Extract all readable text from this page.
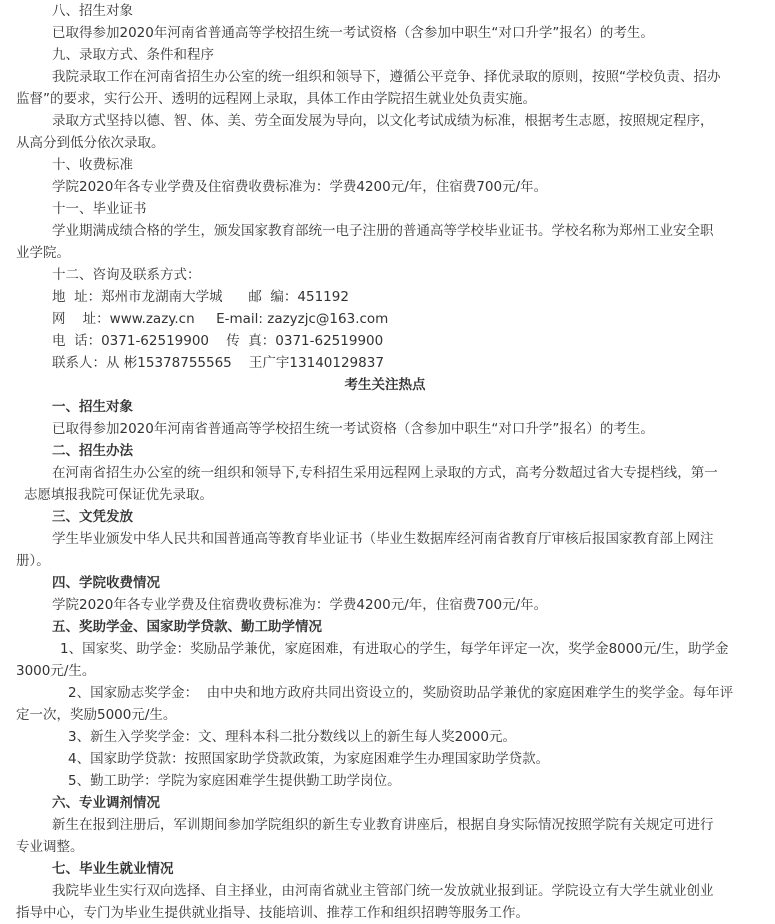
八、招生对象
已取得参加2020年河南省普通高等学校招生统一考试资格（含参加中职生“对口升学”报名）的考生。
九、录取方式、条件和程序
我院录取工作在河南省招生办公室的统一组织和领导下，遵循公平竞争、择优录取的原则，按照“学校负责、招办
监督”的要求，实行公开、透明的远程网上录取，具体工作由学院招生就业处负责实施。
录取方式坚持以德、智、体、美、劳全面发展为导向，以文化考试成绩为标准，根据考生志愿，按照规定程序，
从高分到低分依次录取。
十、收费标准
学院2020年各专业学费及住宿费收费标准为：学费4200元/年，住宿费700元/年。
十一、毕业证书
学业期满成绩合格的学生，颁发国家教育部统一电子注册的普通高等学校毕业证书。学校名称为郑州工业安全职
业学院。
十二、咨询及联系方式：
地  址：郑州市龙湖南大学城      邮  编：451192
网    址：www.zazy.cn     E-mail: zazyzjc@163.com
电  话：0371-62519900    传  真：0371-62519900
联系人：从 彬15378755565    王广宇13140129837
考生关注热点
一、招生对象
已取得参加2020年河南省普通高等学校招生统一考试资格（含参加中职生“对口升学”报名）的考生。
二、招生办法
在河南省招生办公室的统一组织和领导下,专科招生采用远程网上录取的方式，高考分数超过省大专提档线，第一
志愿填报我院可保证优先录取。
三、文凭发放
学生毕业颁发中华人民共和国普通高等教育毕业证书（毕业生数据库经河南省教育厅审核后报国家教育部上网注
册）。
四、学院收费情况
学院2020年各专业学费及住宿费收费标准为：学费4200元/年，住宿费700元/年。
五、奖助学金、国家助学贷款、勤工助学情况
1、国家奖、助学金：奖励品学兼优，家庭困难，有进取心的学生，每学年评定一次，奖学金8000元/生，助学金
3000元/生。
2、国家励志奖学金：  由中央和地方政府共同出资设立的，奖励资助品学兼优的家庭困难学生的奖学金。每年评
定一次，奖励5000元/生。
3、新生入学奖学金：文、理科本科二批分数线以上的新生每人奖2000元。
4、国家助学贷款：按照国家助学贷款政策，为家庭困难学生办理国家助学贷款。
5、勤工助学：学院为家庭困难学生提供勤工助学岗位。
六、专业调剂情况
新生在报到注册后，军训期间参加学院组织的新生专业教育讲座后，根据自身实际情况按照学院有关规定可进行
专业调整。
七、毕业生就业情况
我院毕业生实行双向选择、自主择业，由河南省就业主管部门统一发放就业报到证。学院设立有大学生就业创业
指导中心，专门为毕业生提供就业指导、技能培训、推荐工作和组织招聘等服务工作。
